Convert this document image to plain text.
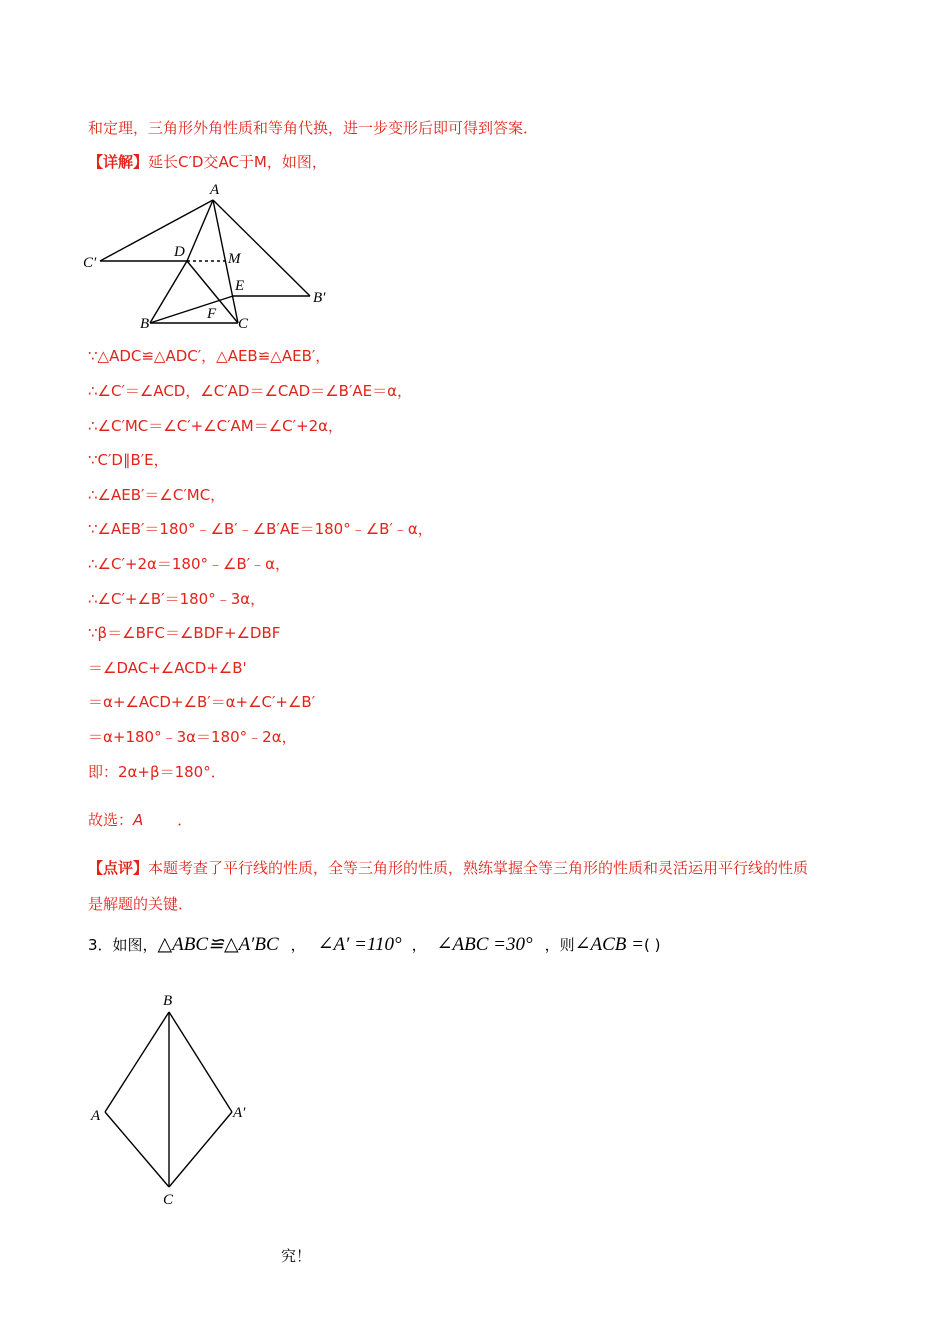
和定理，三角形外角性质和等角代换，进一步变形后即可得到答案．
【详解】延长C′D交AC于M，如图，
A
C′
D	M
E
B′
B
F
C
∵△ADC≌△ADC′，△AEB≌△AEB′，
∴∠C′＝∠ACD，∠C′AD＝∠CAD＝∠B′AE＝α，
∴∠C′MC＝∠C′+∠C′AM＝∠C′+2α，
∵C′D∥B′E，
∴∠AEB′＝∠C′MC，
∵∠AEB′＝180°﹣∠B′﹣∠B′AE＝180°﹣∠B′﹣α，
∴∠C′+2α＝180°﹣∠B′﹣α，
∴∠C′+∠B′＝180°﹣3α，
∵β＝∠BFC＝∠BDF+∠DBF
＝∠DAC+∠ACD+∠B'
＝α+∠ACD+∠B′＝α+∠C′+∠B′
＝α+180°﹣3α＝180°﹣2α，
即：2α+β＝180°．
故选：A ．
【点评】本题考查了平行线的性质，全等三角形的性质，熟练掌握全等三角形的性质和灵活运用平行线的性质
是解题的关键．
3．如图，△ABC≌△A′BC ， ∠A′ =110° ， ∠ABC =30° ，则∠ACB =( )
B
A	A′
C
究！
